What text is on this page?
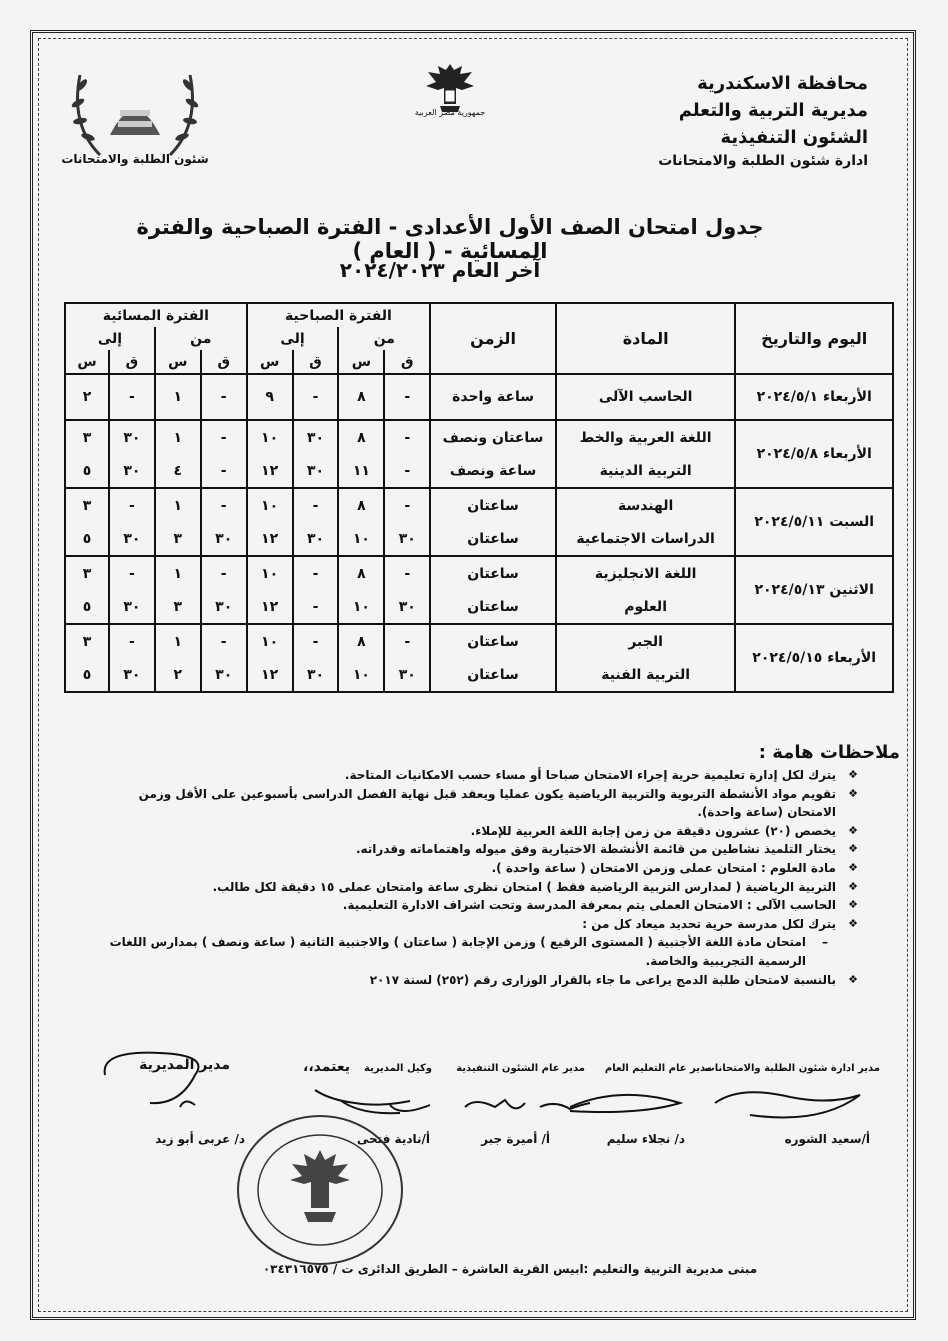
محافظة الاسكندرية
مديرية التربية والتعلم
الشئون التنفيذية
ادارة شئون الطلبة والامتحانات
جمهورية مصر العربية
شئون الطلبة والامتحانات
جدول امتحان الصف الأول الأعدادى - الفترة الصباحية والفترة المسائية - ( العام )
آخر العام ٢٠٢٤/٢٠٢٣
اليوم والتاريخ	المادة	الزمن	الفترة الصباحية				الفترة المسائية			
			من		إلى		من		إلى	
			ق	س	ق	س	ق	س	ق	س
الأربعاء ٢٠٢٤/٥/١	الحاسب الآلى	ساعة واحدة	-	٨	-	٩	-	١	-	٢
الأربعاء ٢٠٢٤/٥/٨	اللغة العربية والخط	ساعتان ونصف	-	٨	٣٠	١٠	-	١	٣٠	٣
	التربية الدينية	ساعة ونصف	-	١١	٣٠	١٢	-	٤	٣٠	٥
السبت ٢٠٢٤/٥/١١	الهندسة	ساعتان	-	٨	-	١٠	-	١	-	٣
	الدراسات الاجتماعية	ساعتان	٣٠	١٠	٣٠	١٢	٣٠	٣	٣٠	٥
الاثنين ٢٠٢٤/٥/١٣	اللغة الانجليزية	ساعتان	-	٨	-	١٠	-	١	-	٣
	العلوم	ساعتان	٣٠	١٠	-	١٢	٣٠	٣	٣٠	٥
الأربعاء ٢٠٢٤/٥/١٥	الجبر	ساعتان	-	٨	-	١٠	-	١	-	٣
	التربية الفنية	ساعتان	٣٠	١٠	٣٠	١٢	٣٠	٢	٣٠	٥
ملاحظات هامة :
❖ يترك لكل إدارة تعليمية حرية إجراء الامتحان صباحا أو مساء حسب الامكانيات المتاحة.
❖ تقويم مواد الأنشطة التربوية والتربية الرياضية يكون عمليا ويعقد قبل نهاية الفصل الدراسى بأسبوعين على الأقل وزمن الامتحان (ساعة واحدة).
❖ يخصص (٢٠) عشرون دقيقة من زمن إجابة اللغة العربية للإملاء.
❖ يختار التلميذ نشاطين من قائمة الأنشطة الاختيارية وفق ميوله واهتماماته وقدراته.
❖ مادة العلوم : امتحان عملى وزمن الامتحان ( ساعة واحدة ).
❖ التربية الرياضية ( لمدارس التربية الرياضية فقط ) امتحان نظرى ساعة وامتحان عملى ١٥ دقيقة لكل طالب.
❖ الحاسب الآلى : الامتحان العملى يتم بمعرفة المدرسة وتحت اشراف الادارة التعليمية.
❖ يترك لكل مدرسة حرية تحديد ميعاد كل من :
– امتحان مادة اللغة الأجنبية ( المستوى الرفيع ) وزمن الإجابة ( ساعتان ) والاجنبية الثانية ( ساعة ونصف ) بمدارس اللغات الرسمية التجريبية والخاصة.
❖ بالنسبة لامتحان طلبة الدمج يراعى ما جاء بالقرار الوزارى رقم (٢٥٢) لسنة ٢٠١٧
مدير ادارة شئون الطلبة والامتحانات
مدير عام التعليم العام
مدير عام الشئون التنفيذية
وكيل المديرية
يعتمد،،
مدير المديرية
أ/سعيد الشوره
د/ نجلاء سليم
أ/ أميرة جبر
أ/نادية فتحى
د/ عربى أبو زيد
مبنى مديرية التربية والتعليم :ابيس القرية العاشرة – الطريق الدائرى ت / ٠٣٤٣١٦٥٧٥
